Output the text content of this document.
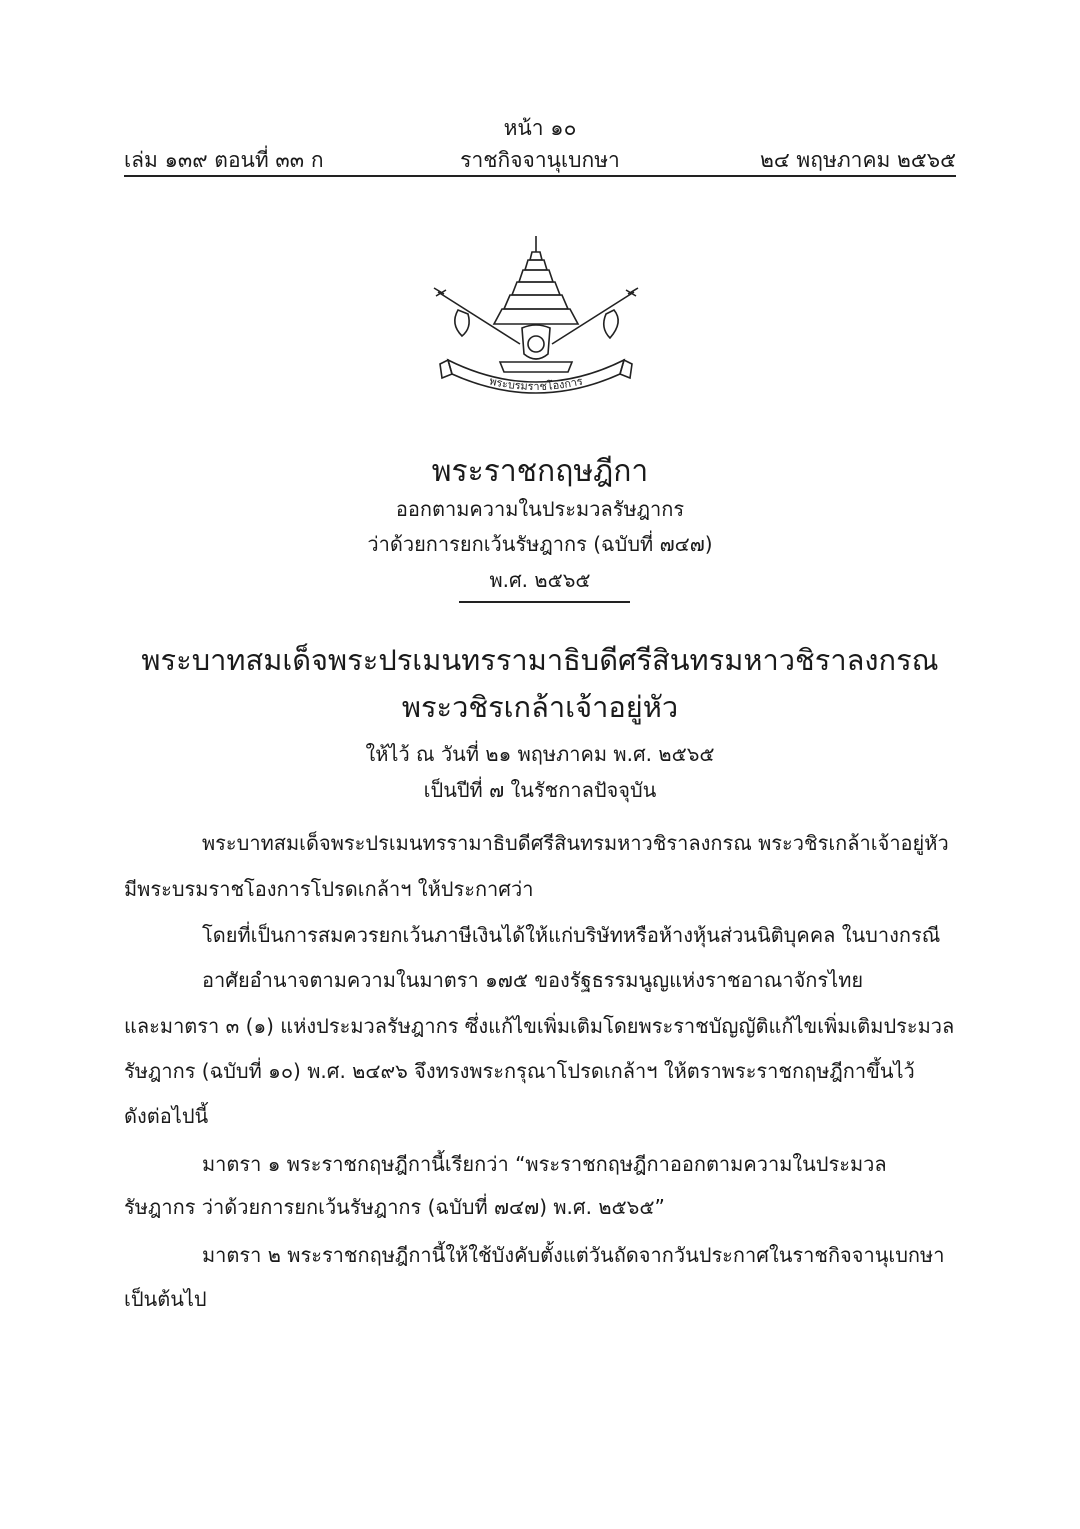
หน้า ๑๐
เล่ม ๑๓๙ ตอนที่ ๓๓ ก	ราชกิจจานุเบกษา	๒๔ พฤษภาคม ๒๕๖๕
พระบรมราชโองการ
พระราชกฤษฎีกา
ออกตามความในประมวลรัษฎากร
ว่าด้วยการยกเว้นรัษฎากร (ฉบับที่ ๗๔๗)
พ.ศ. ๒๕๖๕
พระบาทสมเด็จพระปรเมนทรรามาธิบดีศรีสินทรมหาวชิราลงกรณ
พระวชิรเกล้าเจ้าอยู่หัว
ให้ไว้ ณ วันที่ ๒๑ พฤษภาคม พ.ศ. ๒๕๖๕
เป็นปีที่ ๗ ในรัชกาลปัจจุบัน
พระบาทสมเด็จพระปรเมนทรรามาธิบดีศรีสินทรมหาวชิราลงกรณ พระวชิรเกล้าเจ้าอยู่หัว
มีพระบรมราชโองการโปรดเกล้าฯ ให้ประกาศว่า
โดยที่เป็นการสมควรยกเว้นภาษีเงินได้ให้แก่บริษัทหรือห้างหุ้นส่วนนิติบุคคล ในบางกรณี
อาศัยอำนาจตามความในมาตรา ๑๗๕ ของรัฐธรรมนูญแห่งราชอาณาจักรไทย
และมาตรา ๓ (๑) แห่งประมวลรัษฎากร ซึ่งแก้ไขเพิ่มเติมโดยพระราชบัญญัติแก้ไขเพิ่มเติมประมวล
รัษฎากร (ฉบับที่ ๑๐) พ.ศ. ๒๔๙๖ จึงทรงพระกรุณาโปรดเกล้าฯ ให้ตราพระราชกฤษฎีกาขึ้นไว้
ดังต่อไปนี้
มาตรา ๑ พระราชกฤษฎีกานี้เรียกว่า “พระราชกฤษฎีกาออกตามความในประมวล
รัษฎากร ว่าด้วยการยกเว้นรัษฎากร (ฉบับที่ ๗๔๗) พ.ศ. ๒๕๖๕”
มาตรา ๒ พระราชกฤษฎีกานี้ให้ใช้บังคับตั้งแต่วันถัดจากวันประกาศในราชกิจจานุเบกษา
เป็นต้นไป
